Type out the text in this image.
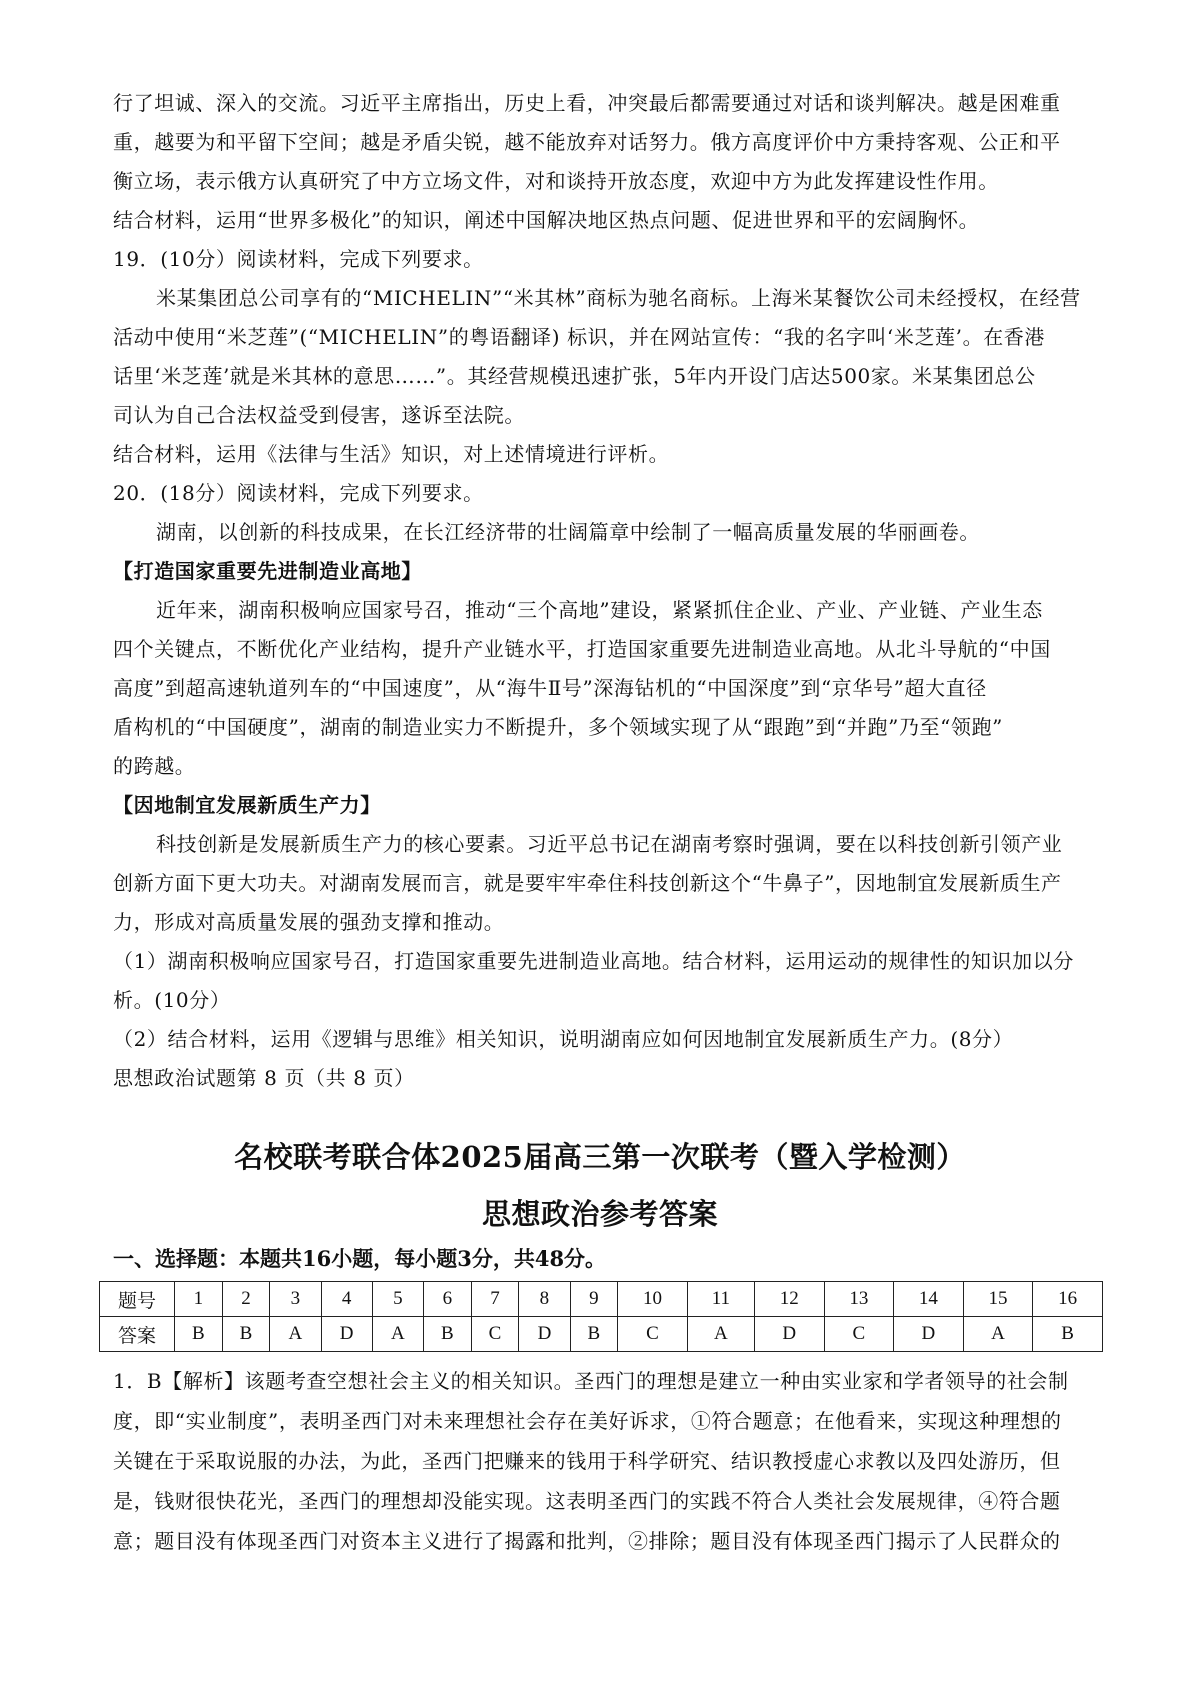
行了坦诚、深入的交流。习近平主席指出，历史上看，冲突最后都需要通过对话和谈判解决。越是困难重
重，越要为和平留下空间；越是矛盾尖锐，越不能放弃对话努力。俄方高度评价中方秉持客观、公正和平
衡立场，表示俄方认真研究了中方立场文件，对和谈持开放态度，欢迎中方为此发挥建设性作用。
结合材料，运用“世界多极化”的知识，阐述中国解决地区热点问题、促进世界和平的宏阔胸怀。
19．(10分）阅读材料，完成下列要求。
米某集团总公司享有的“MICHELIN”“米其林”商标为驰名商标。上海米某餐饮公司未经授权，在经营
活动中使用“米芝莲”(“MICHELIN”的粤语翻译) 标识，并在网站宣传：“我的名字叫‘米芝莲’。在香港
话里‘米芝莲’就是米其林的意思……”。其经营规模迅速扩张，5年内开设门店达500家。米某集团总公
司认为自己合法权益受到侵害，遂诉至法院。
结合材料，运用《法律与生活》知识，对上述情境进行评析。
20．(18分）阅读材料，完成下列要求。
湖南，以创新的科技成果，在长江经济带的壮阔篇章中绘制了一幅高质量发展的华丽画卷。
【打造国家重要先进制造业高地】
近年来，湖南积极响应国家号召，推动“三个高地”建设，紧紧抓住企业、产业、产业链、产业生态
四个关键点，不断优化产业结构，提升产业链水平，打造国家重要先进制造业高地。从北斗导航的“中国
高度”到超高速轨道列车的“中国速度”，从“海牛Ⅱ号”深海钻机的“中国深度”到“京华号”超大直径
盾构机的“中国硬度”，湖南的制造业实力不断提升，多个领域实现了从“跟跑”到“并跑”乃至“领跑”
的跨越。
【因地制宜发展新质生产力】
科技创新是发展新质生产力的核心要素。习近平总书记在湖南考察时强调，要在以科技创新引领产业
创新方面下更大功夫。对湖南发展而言，就是要牢牢牵住科技创新这个“牛鼻子”，因地制宜发展新质生产
力，形成对高质量发展的强劲支撑和推动。
（1）湖南积极响应国家号召，打造国家重要先进制造业高地。结合材料，运用运动的规律性的知识加以分
析。(10分）
（2）结合材料，运用《逻辑与思维》相关知识，说明湖南应如何因地制宜发展新质生产力。(8分）
思想政治试题第 8 页（共 8 页）
名校联考联合体2025届高三第一次联考（暨入学检测）
思想政治参考答案
一、选择题：本题共16小题，每小题3分，共48分。
题号	1	2	3	4	5	6	7	8	9	10	11	12	13	14	15	16
答案	B	B	A	D	A	B	C	D	B	C	A	D	C	D	A	B
1．B【解析】该题考查空想社会主义的相关知识。圣西门的理想是建立一种由实业家和学者领导的社会制
度，即“实业制度”，表明圣西门对未来理想社会存在美好诉求，①符合题意；在他看来，实现这种理想的
关键在于采取说服的办法，为此，圣西门把赚来的钱用于科学研究、结识教授虚心求教以及四处游历，但
是，钱财很快花光，圣西门的理想却没能实现。这表明圣西门的实践不符合人类社会发展规律，④符合题
意；题目没有体现圣西门对资本主义进行了揭露和批判，②排除；题目没有体现圣西门揭示了人民群众的
